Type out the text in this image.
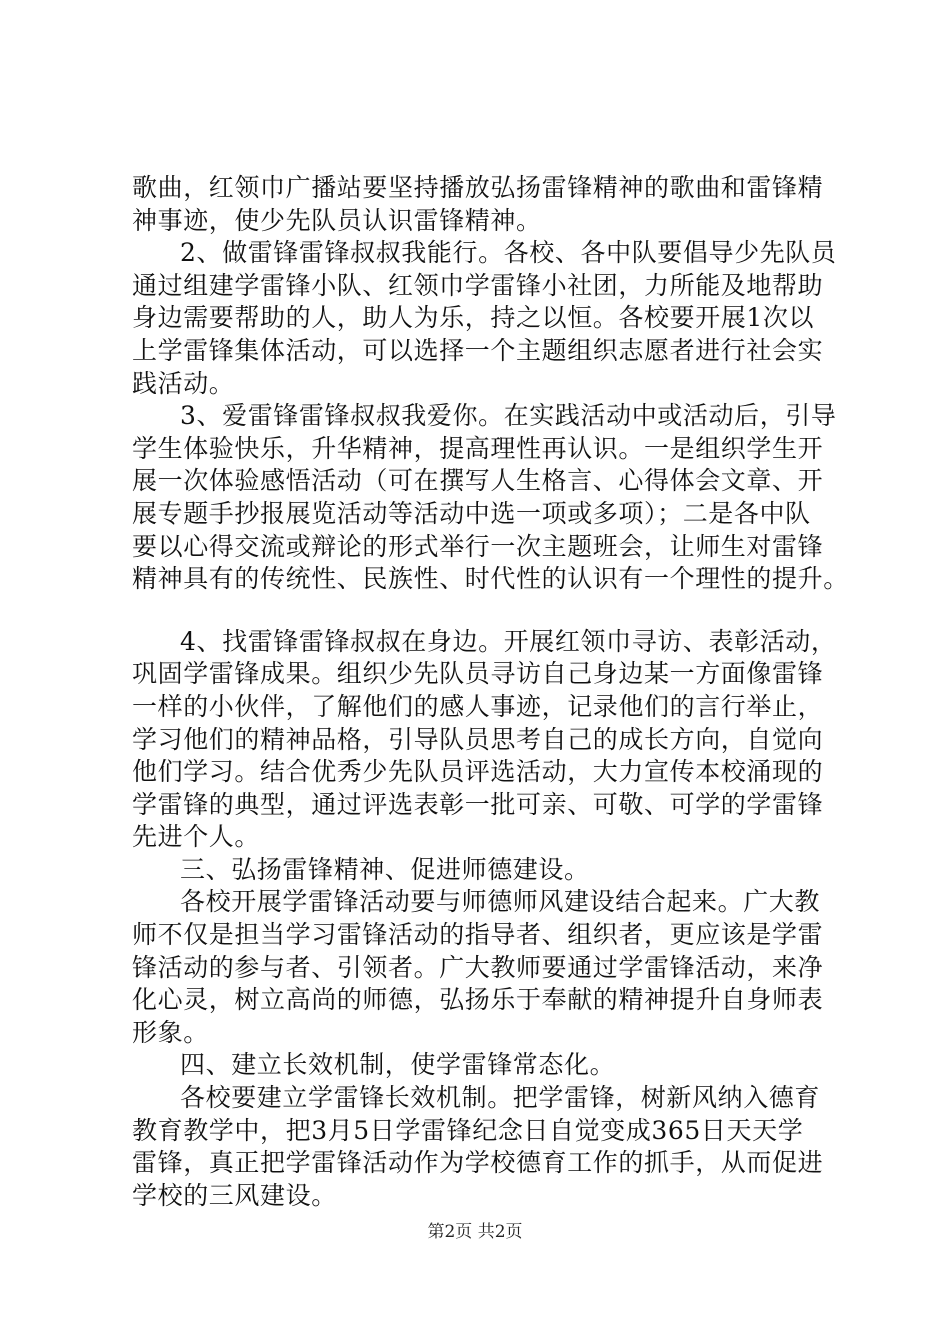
歌曲，红领巾广播站要坚持播放弘扬雷锋精神的歌曲和雷锋精
神事迹，使少先队员认识雷锋精神。
2、做雷锋雷锋叔叔我能行。各校、各中队要倡导少先队员
通过组建学雷锋小队、红领巾学雷锋小社团，力所能及地帮助
身边需要帮助的人，助人为乐，持之以恒。各校要开展1次以
上学雷锋集体活动，可以选择一个主题组织志愿者进行社会实
践活动。
3、爱雷锋雷锋叔叔我爱你。在实践活动中或活动后，引导
学生体验快乐，升华精神，提高理性再认识。一是组织学生开
展一次体验感悟活动（可在撰写人生格言、心得体会文章、开
展专题手抄报展览活动等活动中选一项或多项）；二是各中队
要以心得交流或辩论的形式举行一次主题班会，让师生对雷锋
精神具有的传统性、民族性、时代性的认识有一个理性的提升。
4、找雷锋雷锋叔叔在身边。开展红领巾寻访、表彰活动，
巩固学雷锋成果。组织少先队员寻访自己身边某一方面像雷锋
一样的小伙伴，了解他们的感人事迹，记录他们的言行举止，
学习他们的精神品格，引导队员思考自己的成长方向，自觉向
他们学习。结合优秀少先队员评选活动，大力宣传本校涌现的
学雷锋的典型，通过评选表彰一批可亲、可敬、可学的学雷锋
先进个人。
三、弘扬雷锋精神、促进师德建设。
各校开展学雷锋活动要与师德师风建设结合起来。广大教
师不仅是担当学习雷锋活动的指导者、组织者，更应该是学雷
锋活动的参与者、引领者。广大教师要通过学雷锋活动，来净
化心灵，树立高尚的师德，弘扬乐于奉献的精神提升自身师表
形象。
四、建立长效机制，使学雷锋常态化。
各校要建立学雷锋长效机制。把学雷锋，树新风纳入德育
教育教学中，把3月5日学雷锋纪念日自觉变成365日天天学
雷锋，真正把学雷锋活动作为学校德育工作的抓手，从而促进
学校的三风建设。
第2页 共2页
